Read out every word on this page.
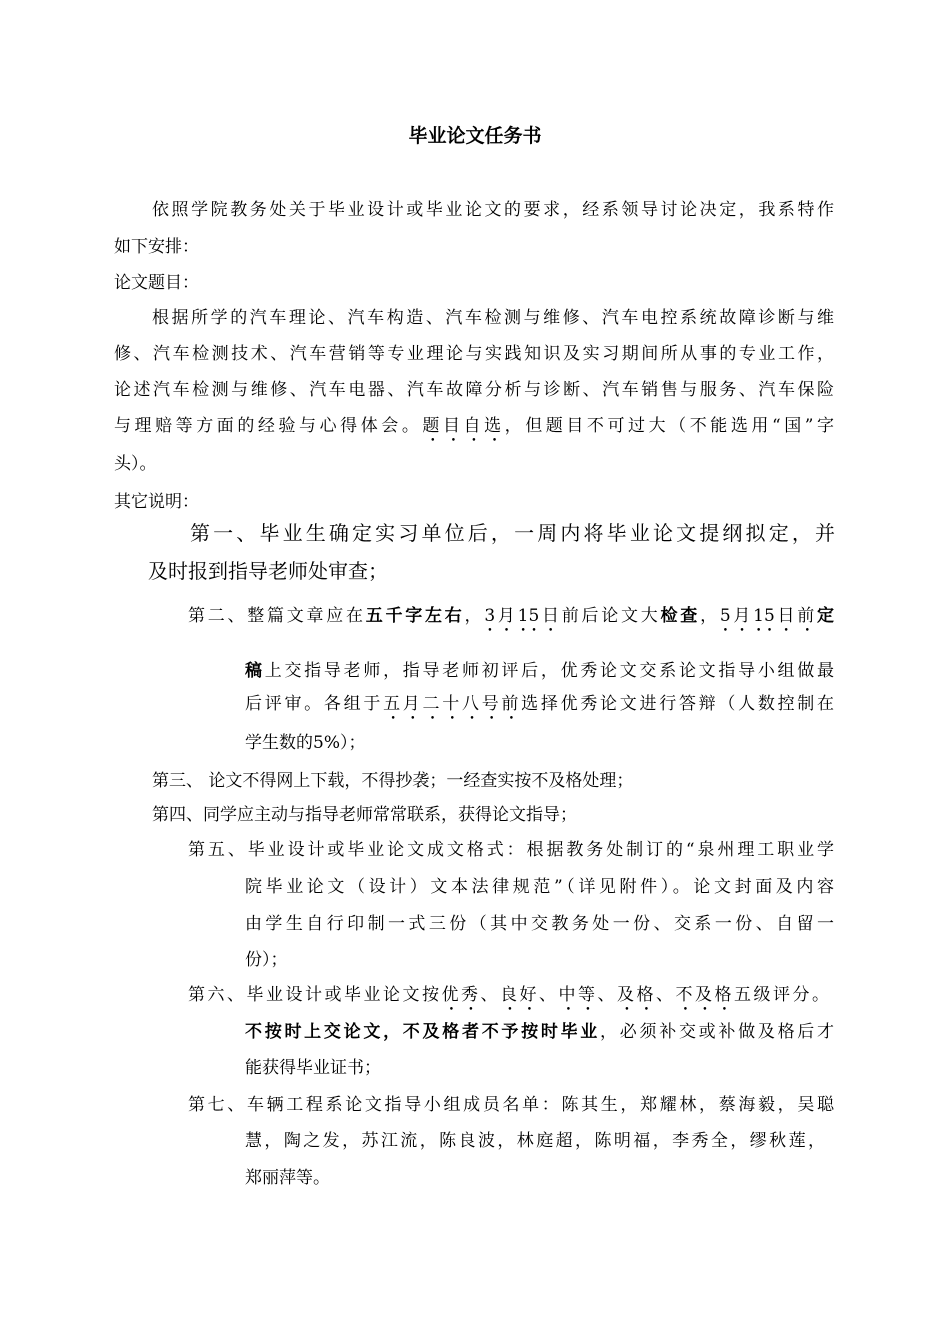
毕业论文任务书
依照学院教务处关于毕业设计或毕业论文的要求，经系领导讨论决定，我系特作
如下安排：
论文题目：
根据所学的汽车理论、汽车构造、汽车检测与维修、汽车电控系统故障诊断与维
修、汽车检测技术、汽车营销等专业理论与实践知识及实习期间所从事的专业工作，
论述汽车检测与维修、汽车电器、汽车故障分析与诊断、汽车销售与服务、汽车保险
与理赔等方面的经验与心得体会。题目自选，但题目不可过大（不能选用“国”字
头）。
其它说明：
第一、毕业生确定实习单位后，一周内将毕业论文提纲拟定，并
及时报到指导老师处审查；
第二、整篇文章应在五千字左右，3月15日前后论文大检查，5月15日前定
稿上交指导老师，指导老师初评后，优秀论文交系论文指导小组做最
后评审。各组于五月二十八号前选择优秀论文进行答辩（人数控制在
学生数的5%）；
第三、 论文不得网上下载，不得抄袭；一经查实按不及格处理；
第四、同学应主动与指导老师常常联系，获得论文指导；
第五、毕业设计或毕业论文成文格式：根据教务处制订的“泉州理工职业学
院毕业论文（设计）文本法律规范”（详见附件）。论文封面及内容
由学生自行印制一式三份（其中交教务处一份、交系一份、自留一
份）；
第六、毕业设计或毕业论文按优秀、良好、中等、及格、不及格五级评分。
不按时上交论文，不及格者不予按时毕业，必须补交或补做及格后才
能获得毕业证书；
第七、车辆工程系论文指导小组成员名单：陈其生，郑耀林，蔡海毅，吴聪
慧，陶之发，苏江流，陈良波，林庭超，陈明福，李秀全，缪秋莲，
郑丽萍等。
